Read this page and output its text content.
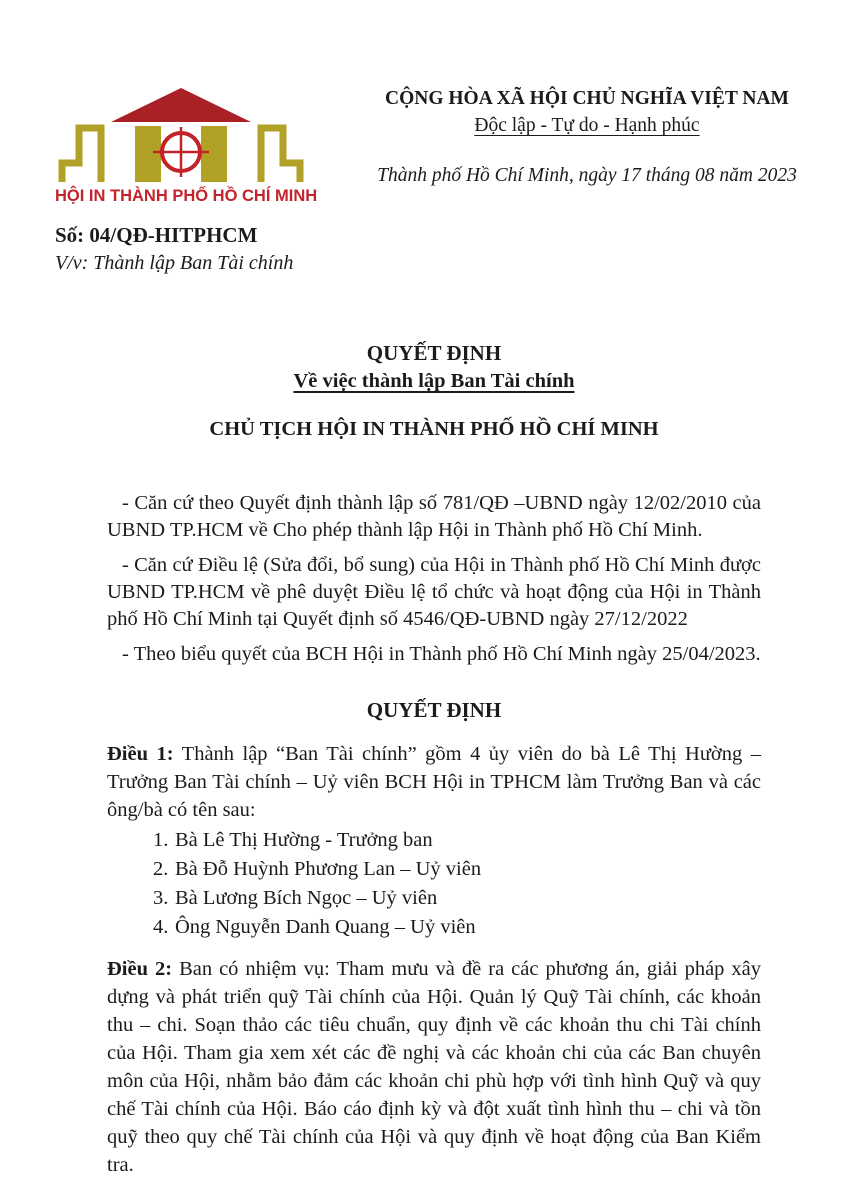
HỘI IN THÀNH PHỐ HỒ CHÍ MINH
Số: 04/QĐ-HITPHCM
V/v: Thành lập Ban Tài chính
CỘNG HÒA XÃ HỘI CHỦ NGHĨA VIỆT NAM
Độc lập - Tự do - Hạnh phúc
Thành phố Hồ Chí Minh, ngày 17 tháng 08 năm 2023
QUYẾT ĐỊNH
Về việc thành lập Ban Tài chính
CHỦ TỊCH HỘI IN THÀNH PHỐ HỒ CHÍ MINH

- Căn cứ theo Quyết định thành lập số 781/QĐ –UBND ngày 12/02/2010 của UBND TP.HCM về Cho phép thành lập Hội in Thành phố Hồ Chí Minh.

- Căn cứ Điều lệ (Sửa đổi, bổ sung) của Hội in Thành phố Hồ Chí Minh được UBND TP.HCM về phê duyệt Điều lệ tổ chức và hoạt động của Hội in Thành phố Hồ Chí Minh tại Quyết định số 4546/QĐ-UBND ngày 27/12/2022

- Theo biểu quyết của BCH Hội in Thành phố Hồ Chí Minh ngày 25/04/2023.

QUYẾT ĐỊNH

Điều 1: Thành lập “Ban Tài chính” gồm 4 ủy viên do bà Lê Thị Hường – Trưởng Ban Tài chính – Uỷ viên BCH Hội in TPHCM làm Trưởng Ban và các ông/bà có tên sau:

1. Bà Lê Thị Hường - Trưởng ban
2. Bà Đỗ Huỳnh Phương Lan – Uỷ viên
3. Bà Lương Bích Ngọc – Uỷ viên
4. Ông Nguyễn Danh Quang – Uỷ viên

Điều 2: Ban có nhiệm vụ: Tham mưu và đề ra các phương án, giải pháp xây dựng và phát triển quỹ Tài chính của Hội. Quản lý Quỹ Tài chính, các khoản thu – chi. Soạn thảo các tiêu chuẩn, quy định về các khoản thu chi Tài chính của Hội. Tham gia xem xét các đề nghị và các khoản chi của các Ban chuyên môn của Hội, nhằm bảo đảm các khoản chi phù hợp với tình hình Quỹ và quy chế Tài chính của Hội. Báo cáo định kỳ và đột xuất tình hình thu – chi và tồn quỹ theo quy chế Tài chính của Hội và quy định về hoạt động của Ban Kiểm tra.
